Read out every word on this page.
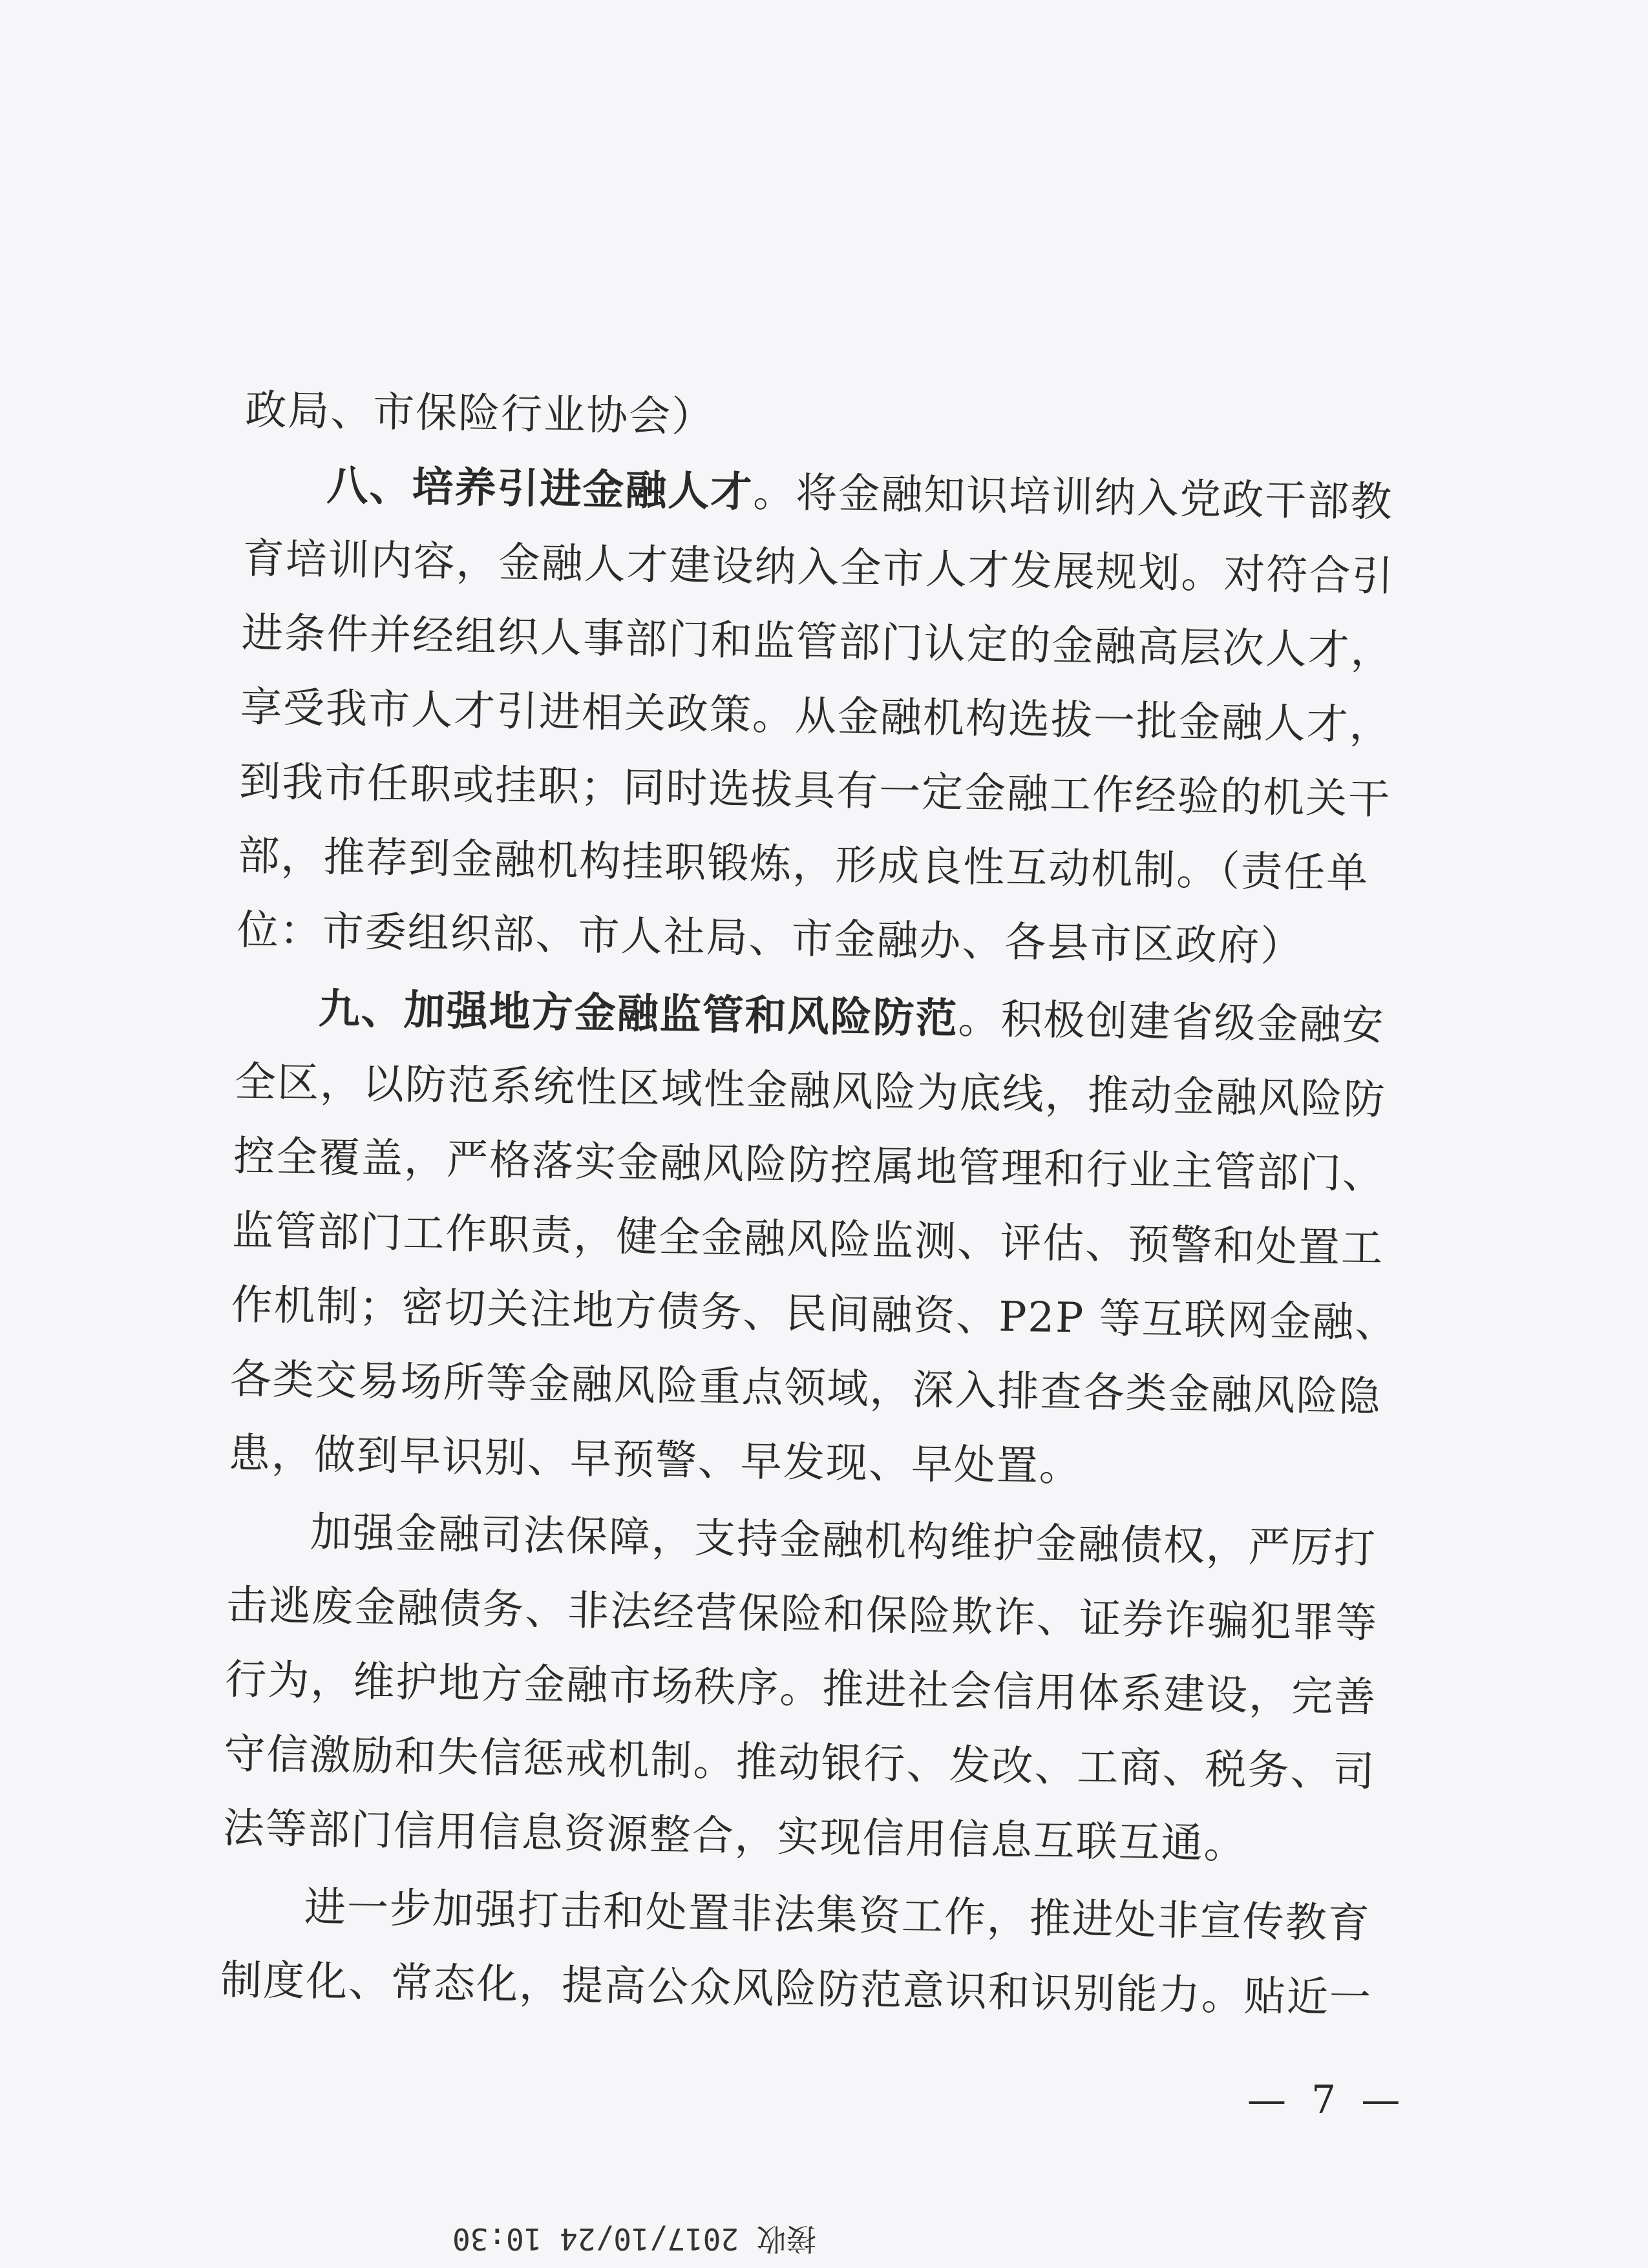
政局、市保险行业协会）
八、培养引进金融人才。将金融知识培训纳入党政干部教
育培训内容，金融人才建设纳入全市人才发展规划。对符合引
进条件并经组织人事部门和监管部门认定的金融高层次人才，
享受我市人才引进相关政策。从金融机构选拔一批金融人才，
到我市任职或挂职；同时选拔具有一定金融工作经验的机关干
部，推荐到金融机构挂职锻炼，形成良性互动机制。（责任单
位：市委组织部、市人社局、市金融办、各县市区政府）
九、加强地方金融监管和风险防范。积极创建省级金融安
全区，以防范系统性区域性金融风险为底线，推动金融风险防
控全覆盖，严格落实金融风险防控属地管理和行业主管部门、
监管部门工作职责，健全金融风险监测、评估、预警和处置工
作机制；密切关注地方债务、民间融资、P2P 等互联网金融、
各类交易场所等金融风险重点领域，深入排查各类金融风险隐
患，做到早识别、早预警、早发现、早处置。
加强金融司法保障，支持金融机构维护金融债权，严厉打
击逃废金融债务、非法经营保险和保险欺诈、证券诈骗犯罪等
行为，维护地方金融市场秩序。推进社会信用体系建设，完善
守信激励和失信惩戒机制。推动银行、发改、工商、税务、司
法等部门信用信息资源整合，实现信用信息互联互通。
进一步加强打击和处置非法集资工作，推进处非宣传教育
制度化、常态化，提高公众风险防范意识和识别能力。贴近一
— 7 —
接收 2017/10/24 10:30
